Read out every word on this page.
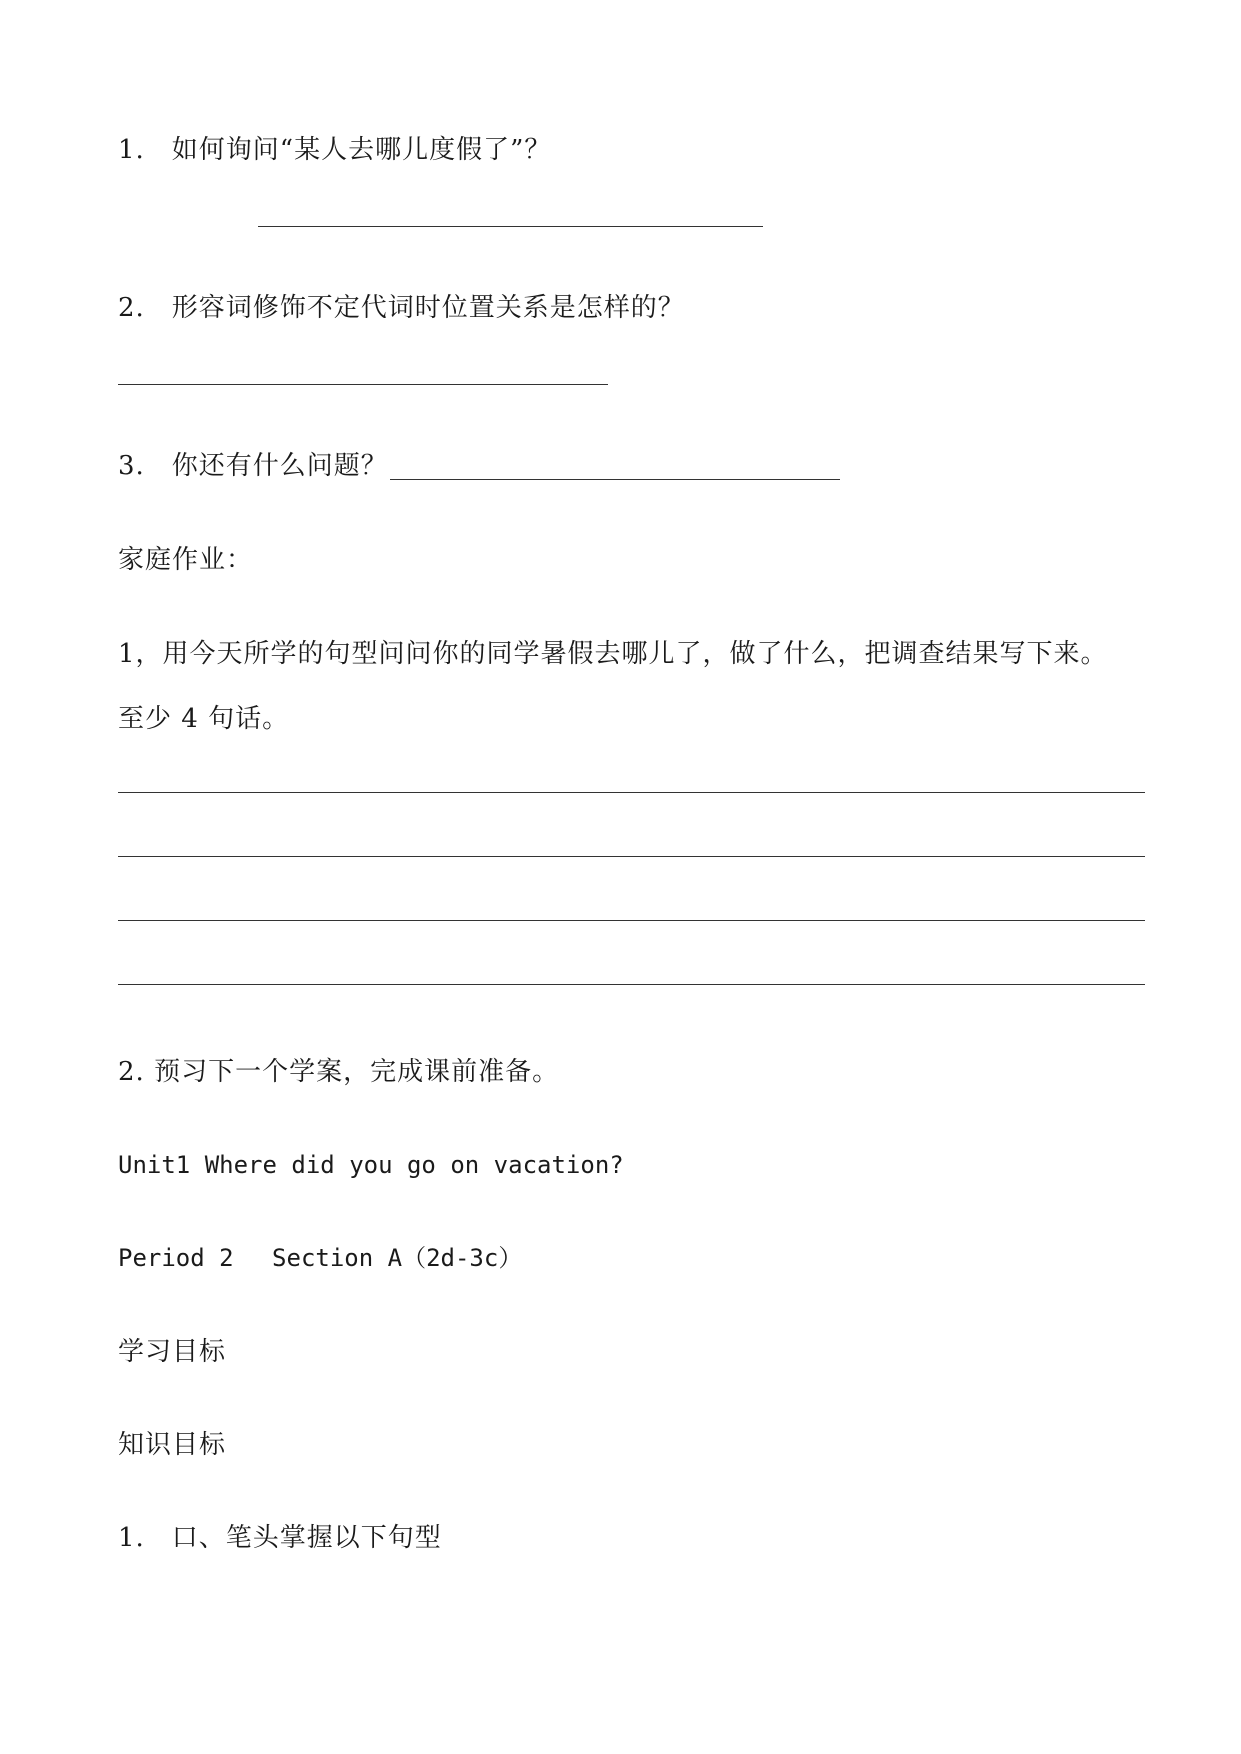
1.　如何询问“某人去哪儿度假了”？
2.　形容词修饰不定代词时位置关系是怎样的？
3.　你还有什么问题？
家庭作业：
1，用今天所学的句型问问你的同学暑假去哪儿了，做了什么，把调查结果写下来。
至少 4 句话。
2. 预习下一个学案，完成课前准备。
Unit1 Where did you go on vacation?
Period 2　 Section A（2d-3c）
学习目标
知识目标
1.　口、笔头掌握以下句型
